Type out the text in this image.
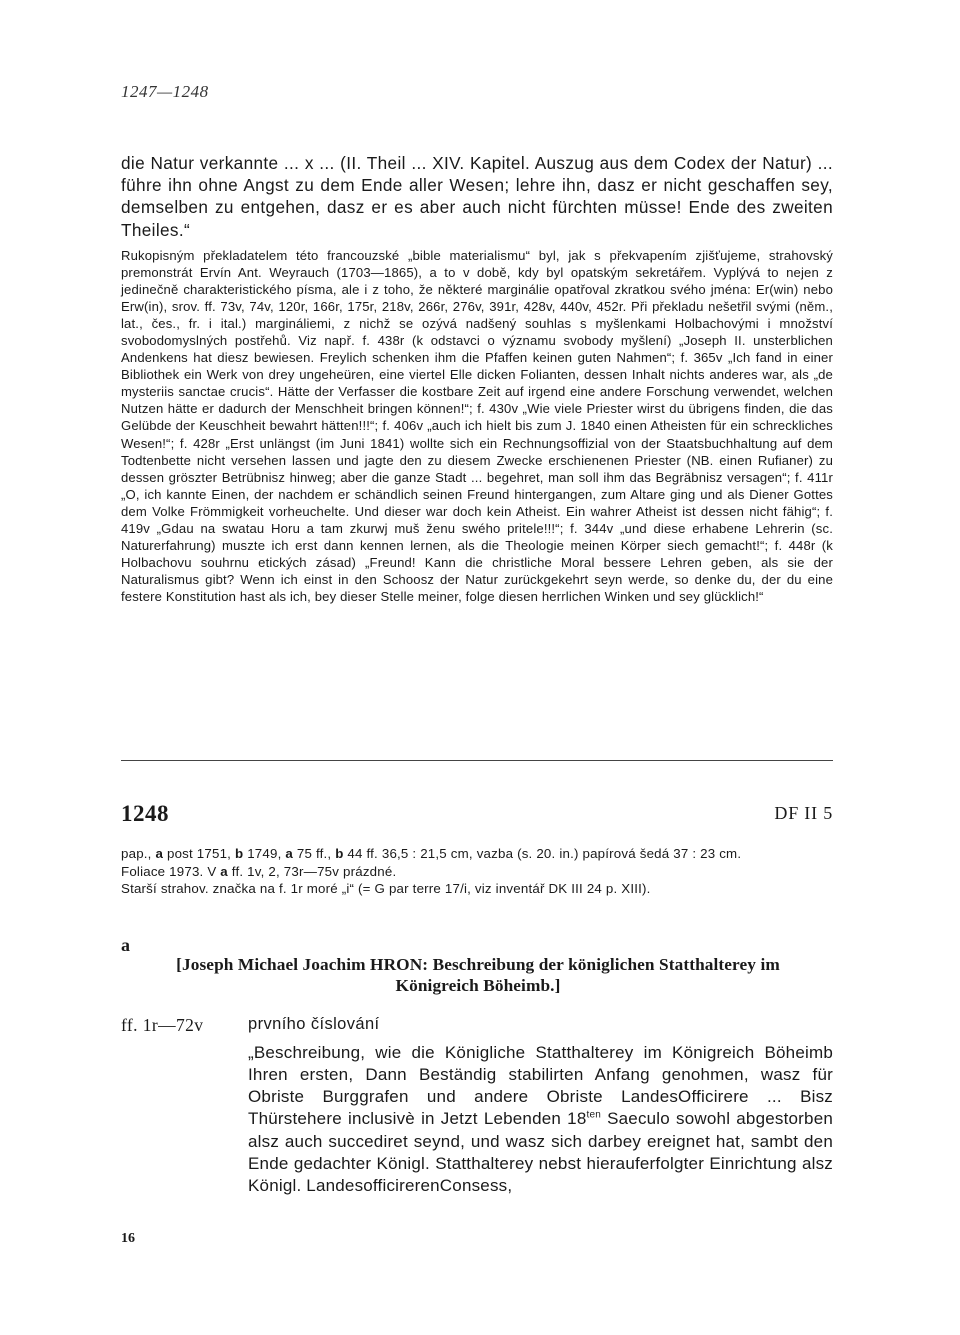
1247—1248

die Natur verkannte ... x ... (II. Theil ... XIV. Kapitel. Auszug aus dem Codex der Natur) ... führe ihn ohne Angst zu dem Ende aller Wesen; lehre ihn, dasz er nicht geschaffen sey, demselben zu entgehen, dasz er es aber auch nicht fürchten müsse! Ende des zweiten Theiles.“

Rukopisným překladatelem této francouzské „bible materialismu“ byl, jak s překvapením zjišťujeme, strahovský premonstrát Ervín Ant. Weyrauch (1703—1865), a to v době, kdy byl opatským sekretářem. Vyplývá to nejen z jedinečně charakteristického písma, ale i z toho, že některé marginálie opatřoval zkratkou svého jména: Er(win) nebo Erw(in), srov. ff. 73v, 74v, 120r, 166r, 175r, 218v, 266r, 276v, 391r, 428v, 440v, 452r. Při překladu nešetřil svými (něm., lat., čes., fr. i ital.) margináliemi, z nichž se ozývá nadšený souhlas s myšlenkami Holbachovými i množství svobodomyslných postřehů. Viz např. f. 438r (k odstavci o významu svobody myšlení) „Joseph II. unsterblichen Andenkens hat diesz bewiesen. Freylich schenken ihm die Pfaffen keinen guten Nahmen“; f. 365v „Ich fand in einer Bibliothek ein Werk von drey ungeheüren, eine viertel Elle dicken Folianten, dessen Inhalt nichts anderes war, als „de mysteriis sanctae crucis“. Hätte der Verfasser die kostbare Zeit auf irgend eine andere Forschung verwendet, welchen Nutzen hätte er dadurch der Menschheit bringen können!“; f. 430v „Wie viele Priester wirst du übrigens finden, die das Gelübde der Keuschheit bewahrt hätten!!!“; f. 406v „auch ich hielt bis zum J. 1840 einen Atheisten für ein schreckliches Wesen!“; f. 428r „Erst unlängst (im Juni 1841) wollte sich ein Rechnungsoffizial von der Staatsbuchhaltung auf dem Todtenbette nicht versehen lassen und jagte den zu diesem Zwecke erschienenen Priester (NB. einen Rufianer) zu dessen gröszter Betrübnisz hinweg; aber die ganze Stadt ... begehret, man soll ihm das Begräbnisz versagen“; f. 411r „O, ich kannte Einen, der nachdem er schändlich seinen Freund hintergangen, zum Altare ging und als Diener Gottes dem Volke Frömmigkeit vorheuchelte. Und dieser war doch kein Atheist. Ein wahrer Atheist ist dessen nicht fähig“; f. 419v „Gdau na swatau Horu a tam zkurwj muš ženu swého pritele!!!“; f. 344v „und diese erhabene Lehrerin (sc. Naturerfahrung) muszte ich erst dann kennen lernen, als die Theologie meinen Körper siech gemacht!“; f. 448r (k Holbachovu souhrnu etických zásad) „Freund! Kann die christliche Moral bessere Lehren geben, als sie der Naturalismus gibt? Wenn ich einst in den Schoosz der Natur zurückgekehrt seyn werde, so denke du, der du eine festere Konstitution hast als ich, bey dieser Stelle meiner, folge diesen herrlichen Winken und sey glücklich!“

1248	DF II 5

pap., a post 1751, b 1749, a 75 ff., b 44 ff. 36,5 : 21,5 cm, vazba (s. 20. in.) papírová šedá 37 : 23 cm.

Foliace 1973. V a ff. 1v, 2, 73r—75v prázdné.

Starší strahov. značka na f. 1r moré „i“ (= G par terre 17/i, viz inventář DK III 24 p. XIII).

a
[Joseph Michael Joachim HRON: Beschreibung der königlichen Statthalterey im Königreich Böheimb.]
ff. 1r—72v	prvního číslování

„Beschreibung, wie die Königliche Statthalterey im Königreich Böheimb Ihren ersten, Dann Beständig stabilirten Anfang genohmen, wasz für Obriste Burggrafen und andere Obriste LandesOfficirere ... Bisz Thürstehere inclusivè in Jetzt Lebenden $18^{ten}$ Saeculo sowohl abgestorben alsz auch succediret seynd, und wasz sich darbey ereignet hat, sambt den Ende gedachter Königl. Statthalterey nebst hierauferfolgter Einrichtung alsz Königl. LandesofficirerenConsess,

16
